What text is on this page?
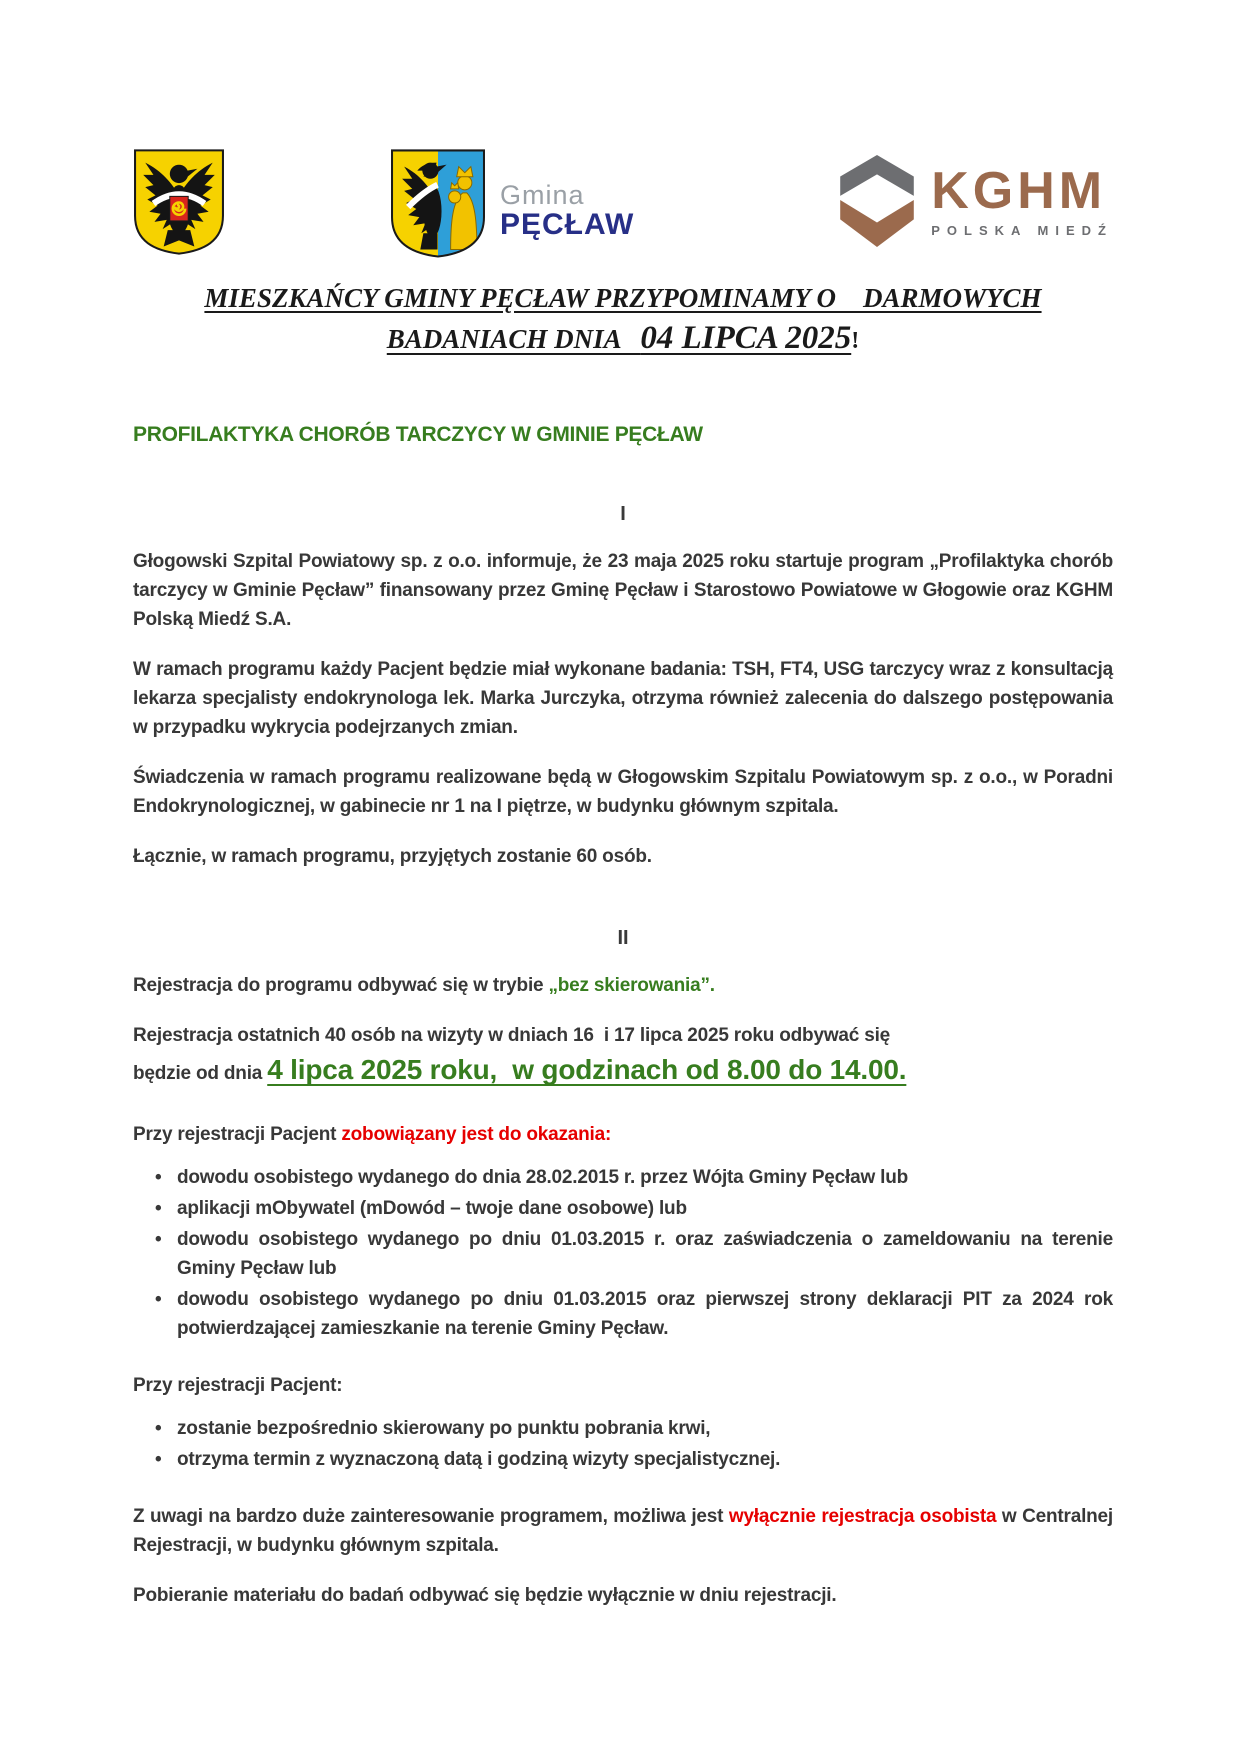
Gmina
PĘCŁAW
KGHM
POLSKA MIEDŹ
MIESZKAŃCY GMINY PĘCŁAW PRZYPOMINAMY O    DARMOWYCH
BADANIACH DNIA   04 LIPCA 2025!
PROFILAKTYKA CHORÓB TARCZYCY W GMINIE PĘCŁAW
I

Głogowski Szpital Powiatowy sp. z o.o. informuje, że 23 maja 2025 roku startuje program „Profilaktyka chorób tarczycy w Gminie Pęcław” finansowany przez Gminę Pęcław i Starostowo Powiatowe w Głogowie oraz KGHM Polską Miedź S.A.

W ramach programu każdy Pacjent będzie miał wykonane badania: TSH, FT4, USG tarczycy wraz z konsultacją lekarza specjalisty endokrynologa lek. Marka Jurczyka, otrzyma również zalecenia do dalszego postępowania w przypadku wykrycia podejrzanych zmian.

Świadczenia w ramach programu realizowane będą w Głogowskim Szpitalu Powiatowym sp. z o.o., w Poradni Endokrynologicznej, w gabinecie nr 1 na I piętrze, w budynku głównym szpitala.

Łącznie, w ramach programu, przyjętych zostanie 60 osób.

II

Rejestracja do programu odbywać się w trybie „bez skierowania”.

Rejestracja ostatnich 40 osób na wizyty w dniach 16  i 17 lipca 2025 roku odbywać się
będzie od dnia 4 lipca 2025 roku,  w godzinach od 8.00 do 14.00.

Przy rejestracji Pacjent zobowiązany jest do okazania:

• dowodu osobistego wydanego do dnia 28.02.2015 r. przez Wójta Gminy Pęcław lub
• aplikacji mObywatel (mDowód – twoje dane osobowe) lub
• dowodu osobistego wydanego po dniu 01.03.2015 r. oraz zaświadczenia o zameldowaniu na terenie Gminy Pęcław lub
• dowodu osobistego wydanego po dniu 01.03.2015 oraz pierwszej strony deklaracji PIT za 2024 rok potwierdzającej zamieszkanie na terenie Gminy Pęcław.

Przy rejestracji Pacjent:

• zostanie bezpośrednio skierowany po punktu pobrania krwi,
• otrzyma termin z wyznaczoną datą i godziną wizyty specjalistycznej.

Z uwagi na bardzo duże zainteresowanie programem, możliwa jest wyłącznie rejestracja osobista w Centralnej Rejestracji, w budynku głównym szpitala.

Pobieranie materiału do badań odbywać się będzie wyłącznie w dniu rejestracji.
